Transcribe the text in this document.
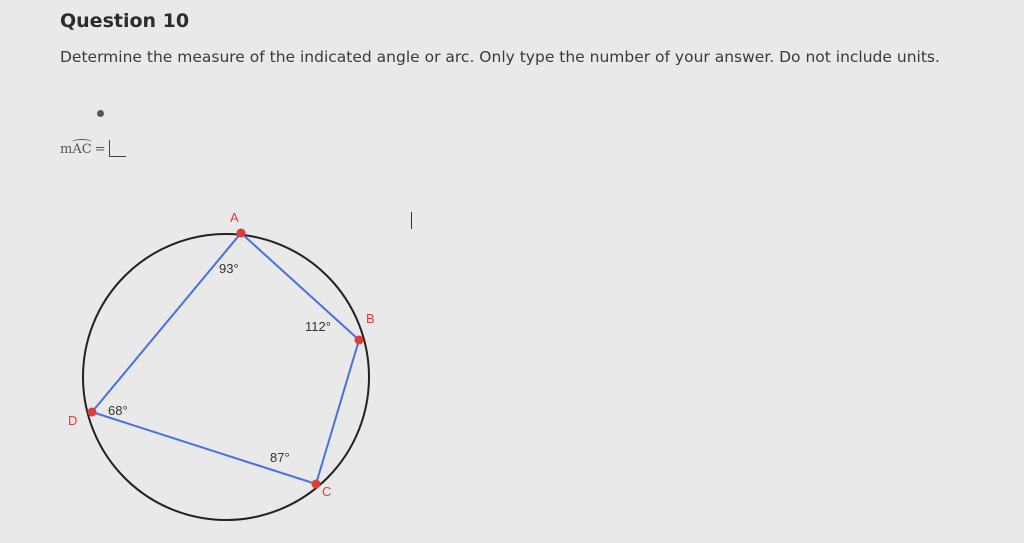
Question 10
Determine the measure of the indicated angle or arc. Only type the number of your answer. Do not include units.
m AC =
A
B
C
D
93°
112°
87°
68°
